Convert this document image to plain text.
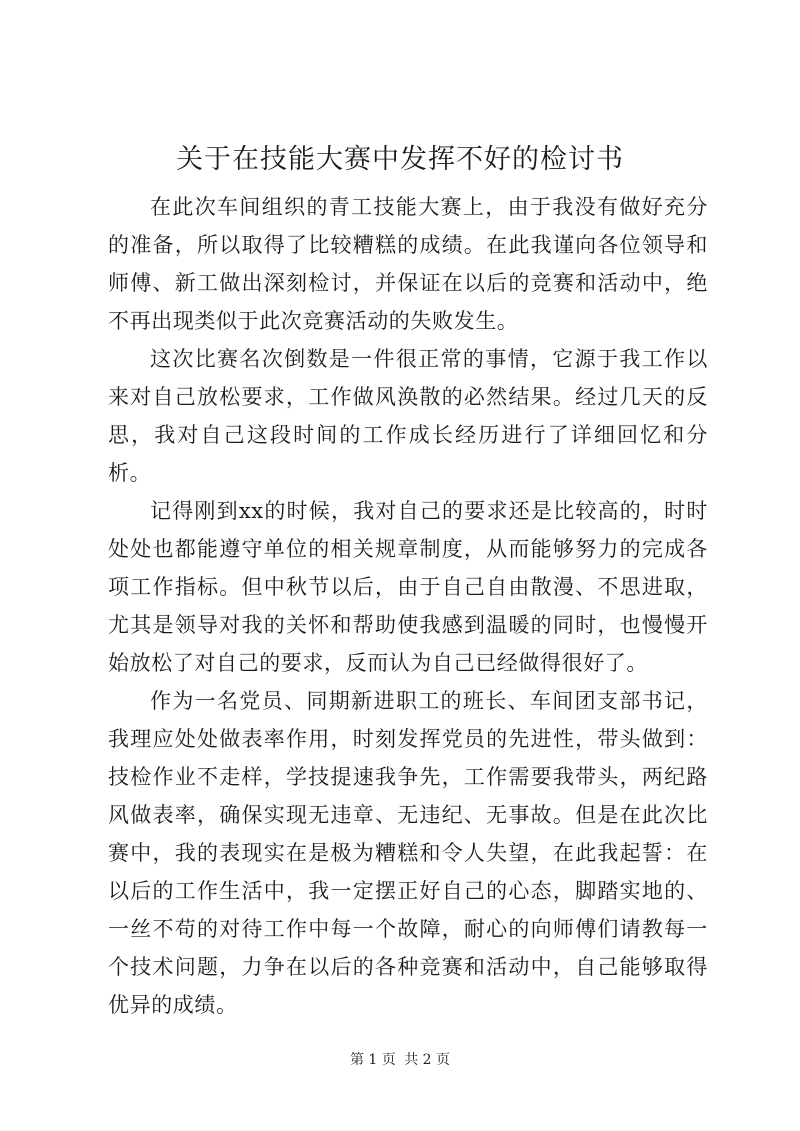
关于在技能大赛中发挥不好的检讨书

在此次车间组织的青工技能大赛上，由于我没有做好充分的准备，所以取得了比较糟糕的成绩。在此我谨向各位领导和师傅、新工做出深刻检讨，并保证在以后的竞赛和活动中，绝不再出现类似于此次竞赛活动的失败发生。

这次比赛名次倒数是一件很正常的事情，它源于我工作以来对自己放松要求，工作做风涣散的必然结果。经过几天的反思，我对自己这段时间的工作成长经历进行了详细回忆和分析。

记得刚到xx的时候，我对自己的要求还是比较高的，时时处处也都能遵守单位的相关规章制度，从而能够努力的完成各项工作指标。但中秋节以后，由于自己自由散漫、不思进取，尤其是领导对我的关怀和帮助使我感到温暖的同时，也慢慢开始放松了对自己的要求，反而认为自己已经做得很好了。

作为一名党员、同期新进职工的班长、车间团支部书记，我理应处处做表率作用，时刻发挥党员的先进性，带头做到：技检作业不走样，学技提速我争先，工作需要我带头，两纪路风做表率，确保实现无违章、无违纪、无事故。但是在此次比赛中，我的表现实在是极为糟糕和令人失望，在此我起誓：在以后的工作生活中，我一定摆正好自己的心态，脚踏实地的、一丝不苟的对待工作中每一个故障，耐心的向师傅们请教每一个技术问题，力争在以后的各种竞赛和活动中，自己能够取得优异的成绩。

第 1 页 共 2 页
